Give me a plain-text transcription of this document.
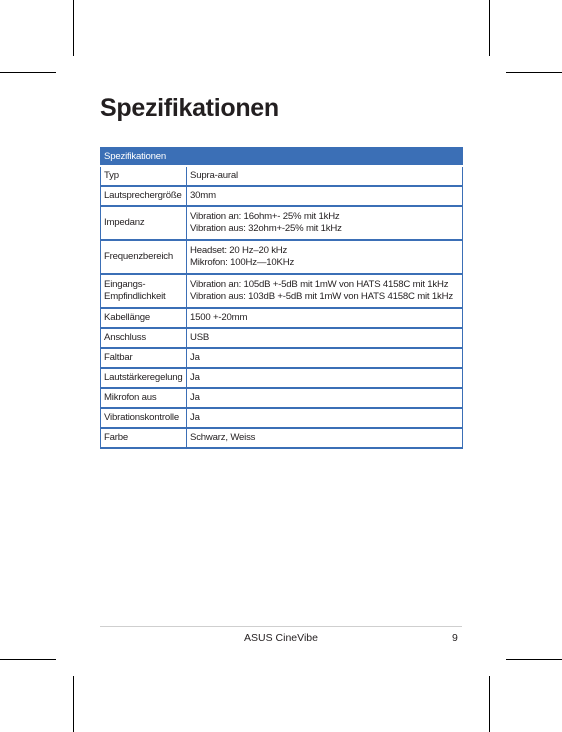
Spezifikationen
Spezifikationen	
Typ	Supra-aural
Lautsprechergröße	30mm
Impedanz	Vibration an: 16ohm+- 25% mit 1kHz
Vibration aus: 32ohm+-25% mit 1kHz

Frequenzbereich	Headset: 20 Hz–20 kHz
Mikrofon: 100Hz—10KHz

Eingangs-
Empfindlichkeit	Vibration an: 105dB +-5dB mit 1mW von HATS 4158C mit 1kHz
Vibration aus: 103dB +-5dB mit 1mW von HATS 4158C mit 1kHz

Kabellänge	1500 +-20mm
Anschluss	USB
Faltbar	Ja
Lautstärkeregelung	Ja
Mikrofon aus	Ja
Vibrationskontrolle	Ja
Farbe	Schwarz, Weiss
ASUS CineVibe	9
